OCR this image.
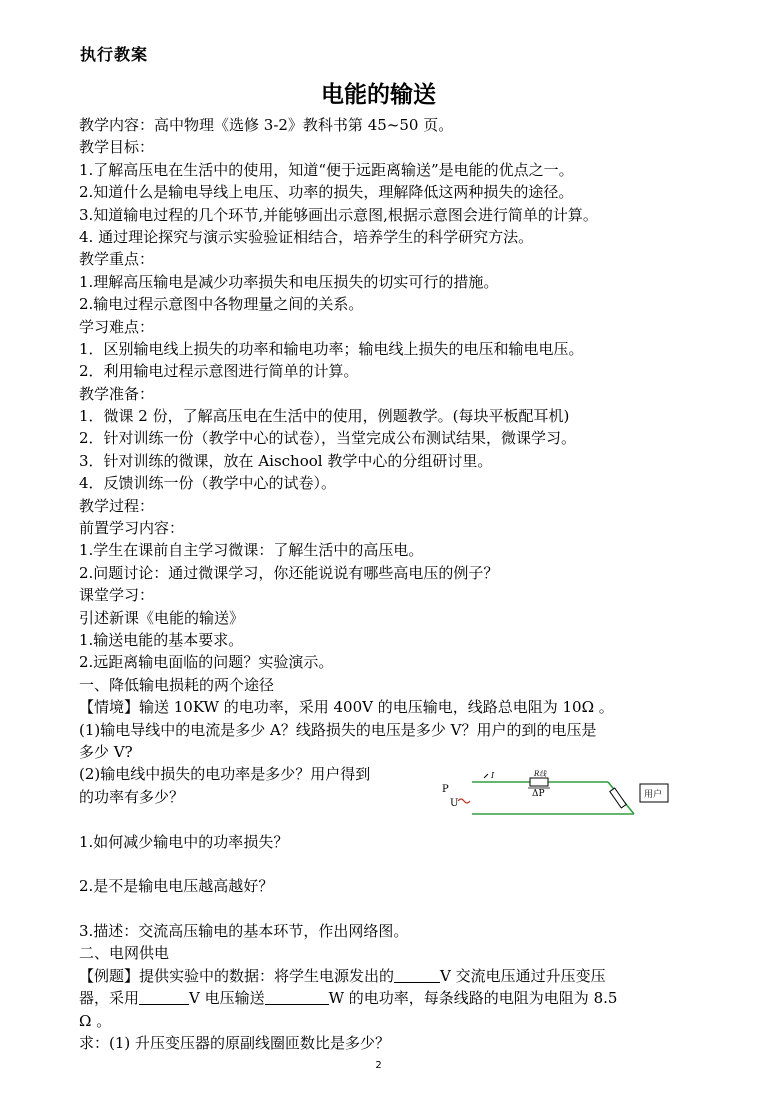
执行教案
电能的输送
教学内容：高中物理《选修 3-2》教科书第 45~50 页。
教学目标：
1.了解高压电在生活中的使用，知道“便于远距离输送”是电能的优点之一。
2.知道什么是输电导线上电压、功率的损失，理解降低这两种损失的途径。
3.知道输电过程的几个环节,并能够画出示意图,根据示意图会进行简单的计算。
4. 通过理论探究与演示实验验证相结合，培养学生的科学研究方法。
教学重点：
1.理解高压输电是减少功率损失和电压损失的切实可行的措施。
2.输电过程示意图中各物理量之间的关系。
学习难点：
1．区别输电线上损失的功率和输电功率；输电线上损失的电压和输电电压。
2．利用输电过程示意图进行简单的计算。
教学准备：
1．微课 2 份，了解高压电在生活中的使用，例题教学。(每块平板配耳机)
2．针对训练一份（教学中心的试卷），当堂完成公布测试结果，微课学习。
3．针对训练的微课，放在 Aischool 教学中心的分组研讨里。
4．反馈训练一份（教学中心的试卷）。
教学过程：
前置学习内容：
1.学生在课前自主学习微课：了解生活中的高压电。
2.问题讨论：通过微课学习，你还能说说有哪些高电压的例子？
课堂学习：
引述新课《电能的输送》
1.输送电能的基本要求。
2.远距离输电面临的问题？实验演示。
一、降低输电损耗的两个途径
【情境】输送 10KW 的电功率，采用 400V 的电压输电，线路总电阻为 10Ω 。
(1)输电导线中的电流是多少 A？线路损失的电压是多少 V？用户的到的电压是
多少 V?
(2)输电线中损失的电功率是多少？用户得到
的功率有多少？
1.如何减少输电中的功率损失？
2.是不是输电电压越高越好？
3.描述：交流高压输电的基本环节，作出网络图。
二、电网供电
【例题】提供实验中的数据：将学生电源发出的	V 交流电压通过升压变压
器，采用	V 电压输送	W 的电功率，每条线路的电阻为电阻为 8.5
Ω 。
求：(1) 升压变压器的原副线圈匝数比是多少？
I	R线
ΔP
P
U
用户
2
